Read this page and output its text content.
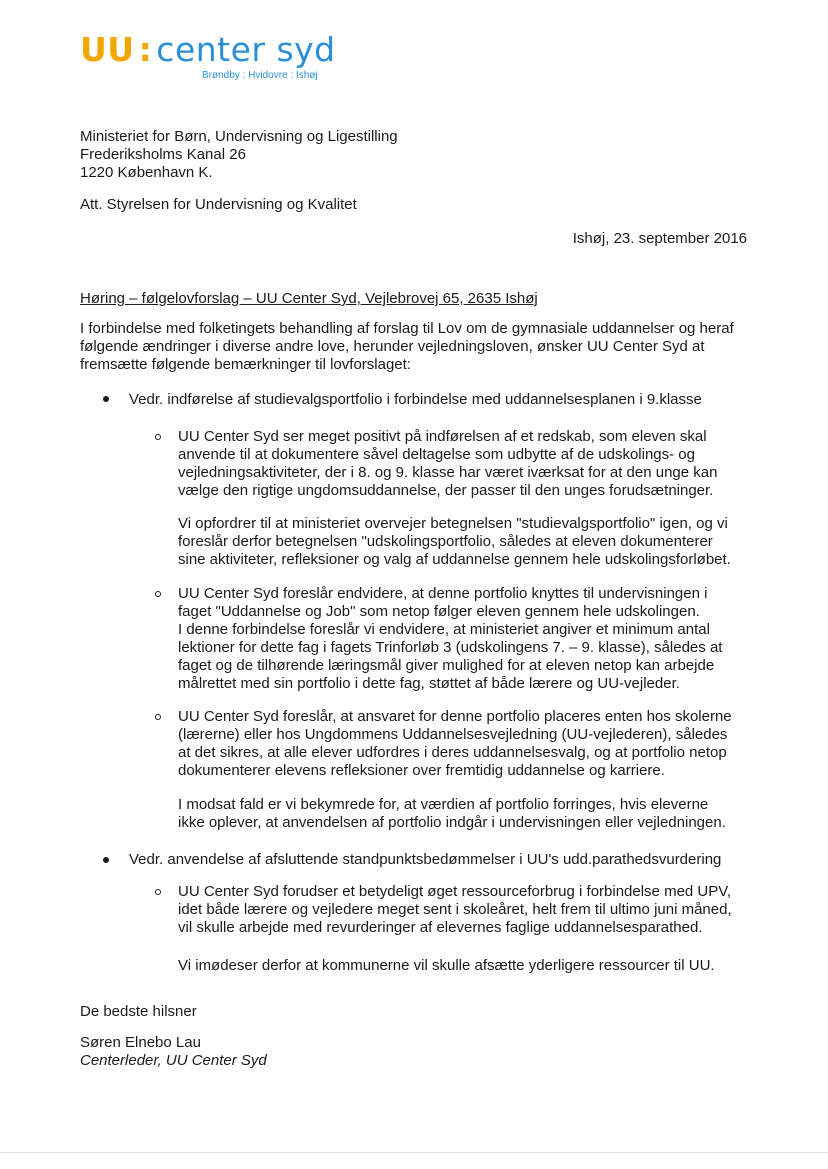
UU : center syd
Brøndby : Hvidovre : Ishøj
Ministeriet for Børn, Undervisning og Ligestilling
Frederiksholms Kanal 26
1220 København K.
Att. Styrelsen for Undervisning og Kvalitet
Ishøj, 23. september 2016
Høring – følgelovforslag – UU Center Syd, Vejlebrovej 65, 2635 Ishøj
I forbindelse med folketingets behandling af forslag til Lov om de gymnasiale uddannelser og heraf
følgende ændringer i diverse andre love, herunder vejledningsloven, ønsker UU Center Syd at
fremsætte følgende bemærkninger til lovforslaget:
Vedr. indførelse af studievalgsportfolio i forbindelse med uddannelsesplanen i 9.klasse
UU Center Syd ser meget positivt på indførelsen af et redskab, som eleven skal
anvende til at dokumentere såvel deltagelse som udbytte af de udskolings- og
vejledningsaktiviteter, der i 8. og 9. klasse har været iværksat for at den unge kan
vælge den rigtige ungdomsuddannelse, der passer til den unges forudsætninger.
Vi opfordrer til at ministeriet overvejer betegnelsen "studievalgsportfolio" igen, og vi
foreslår derfor betegnelsen "udskolingsportfolio, således at eleven dokumenterer
sine aktiviteter, refleksioner og valg af uddannelse gennem hele udskolingsforløbet.
UU Center Syd foreslår endvidere, at denne portfolio knyttes til undervisningen i
faget "Uddannelse og Job" som netop følger eleven gennem hele udskolingen.
I denne forbindelse foreslår vi endvidere, at ministeriet angiver et minimum antal
lektioner for dette fag i fagets Trinforløb 3 (udskolingens 7. – 9. klasse), således at
faget og de tilhørende læringsmål giver mulighed for at eleven netop kan arbejde
målrettet med sin portfolio i dette fag, støttet af både lærere og UU-vejleder.
UU Center Syd foreslår, at ansvaret for denne portfolio placeres enten hos skolerne
(lærerne) eller hos Ungdommens Uddannelsesvejledning (UU-vejlederen), således
at det sikres, at alle elever udfordres i deres uddannelsesvalg, og at portfolio netop
dokumenterer elevens refleksioner over fremtidig uddannelse og karriere.
I modsat fald er vi bekymrede for, at værdien af portfolio forringes, hvis eleverne
ikke oplever, at anvendelsen af portfolio indgår i undervisningen eller vejledningen.
Vedr. anvendelse af afsluttende standpunktsbedømmelser i UU's udd.parathedsvurdering
UU Center Syd forudser et betydeligt øget ressourceforbrug i forbindelse med UPV,
idet både lærere og vejledere meget sent i skoleåret, helt frem til ultimo juni måned,
vil skulle arbejde med revurderinger af elevernes faglige uddannelsesparathed.
Vi imødeser derfor at kommunerne vil skulle afsætte yderligere ressourcer til UU.
De bedste hilsner
Søren Elnebo Lau
Centerleder, UU Center Syd
